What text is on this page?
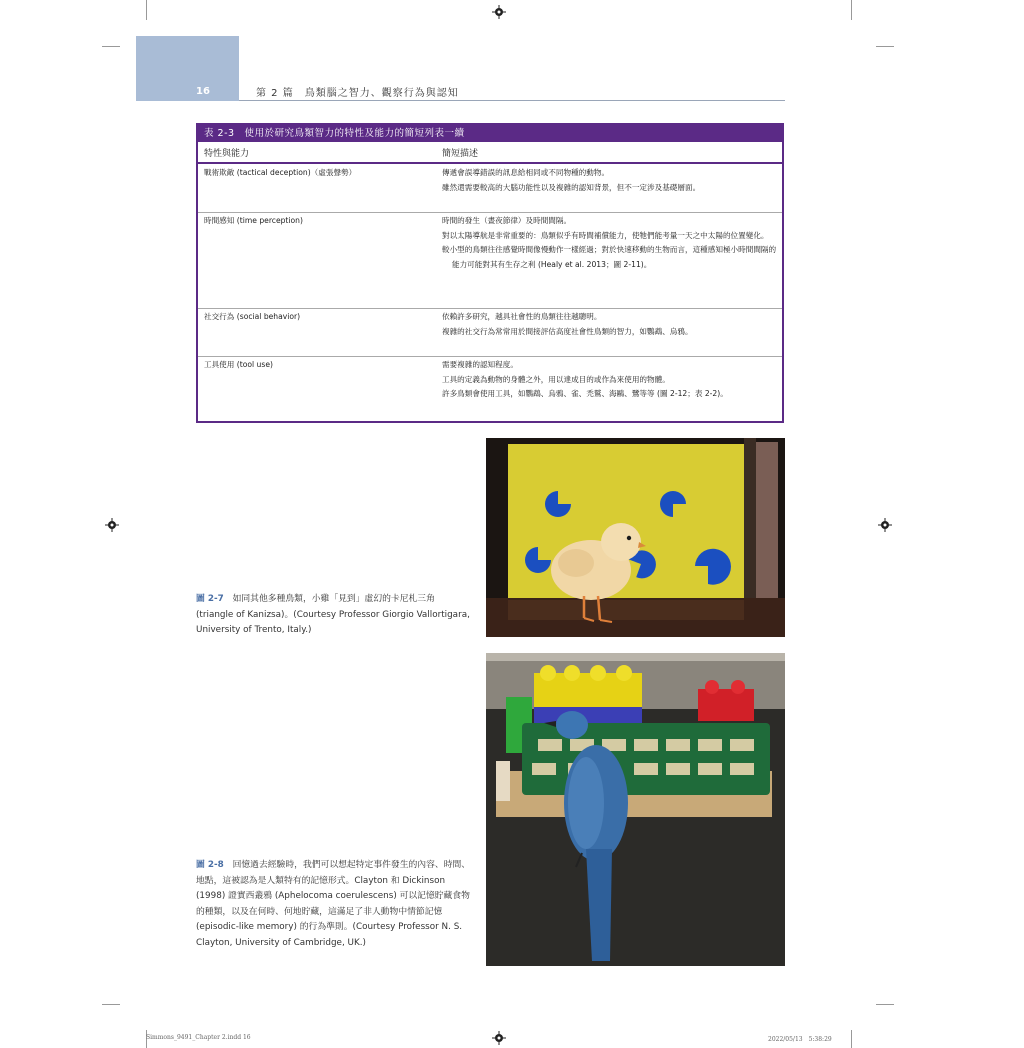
16	第 2 篇　鳥類腦之智力、觀察行為與認知
表 2-3　使用於研究鳥類智力的特性及能力的簡短列表一續
特性與能力	簡短描述
戰術欺敵 (tactical deception)（虛張聲勢）	傳遞會誤導錯誤的訊息給相同或不同物種的動物。
雖然還需要較高的大腦功能性以及複雜的認知背景，但不一定涉及基礎層面。
時間感知 (time perception)	時間的發生（晝夜節律）及時間間隔。
對以太陽導航是非常重要的：鳥類似乎有時間補償能力，使牠們能考量一天之中太陽的位置變化。
較小型的鳥類往往感覺時間像慢動作一樣經過；對於快速移動的生物而言，這種感知極小時間間隔的能力可能對其有生存之利 (Healy et al. 2013；圖 2-11)。
社交行為 (social behavior)	依賴許多研究，越具社會性的鳥類往往越聰明。
複雜的社交行為常常用於間接評估高度社會性鳥類的智力，如鸚鵡、烏鴉。
工具使用 (tool use)	需要複雜的認知程度。
工具的定義為動物的身體之外，用以達成目的或作為來使用的物體。
許多鳥類會使用工具，如鸚鵡、烏鴉、雀、禿鷲、海鷗、鷺等等 (圖 2-12；表 2-2)。
圖 2-7　如同其他多種鳥類，小雞「見到」虛幻的卡尼札三角 (triangle of Kanizsa)。(Courtesy Professor Giorgio Vallortigara, University of Trento, Italy.)
圖 2-8　回憶過去經驗時，我們可以想起特定事件發生的內容、時間、地點，這被認為是人類特有的記憶形式。Clayton 和 Dickinson (1998) 證實西叢鴉 (Aphelocoma coerulescens) 可以記憶貯藏食物的種類，以及在何時、何地貯藏，這滿足了非人動物中情節記憶 (episodic-like memory) 的行為準則。(Courtesy Professor N. S. Clayton, University of Cambridge, UK.)
Simmons_9491_Chapter 2.indd 16	2022/05/13　5:38:29
